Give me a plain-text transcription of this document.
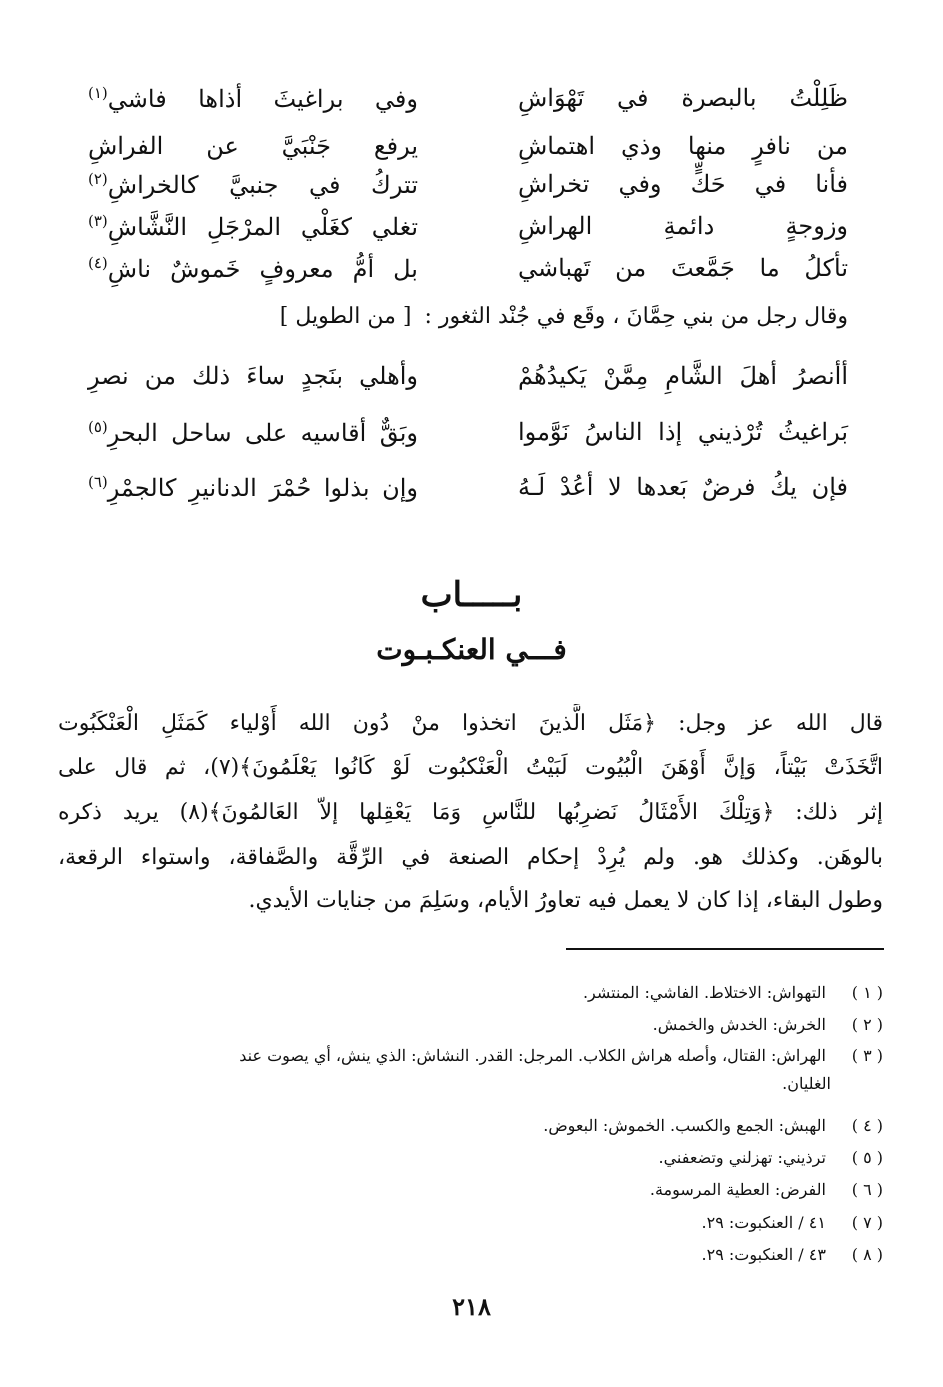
ظَلِلْتُ بالبصرة في تَهْوَاشِ
وفي براغيثَ أذاها فاشي$^{(١)}$
من نافرٍ منها وذي اهتماشِ
يرفع جَنْبَيَّ عن الفراشِ
فأنا في حَكٍّ وفي تخراشِ
تتركُ في جنبيَّ كالخراشِ$^{(٢)}$
وزوجةٍ دائمةِ الهراشِ
تغلي كغَلْي المرْجَلِ النَّشَّاشِ$^{(٣)}$
تأكلُ ما جَمَّعتَ من تَهباشي
بل أمُّ معروفٍ خَموشٌ ناشِ$^{(٤)}$
وقال رجل من بني حِمَّانَ ، وقَع في جُنْد الثغور : [ من الطويل ]
أأنصرُ أهلَ الشَّامِ مِمَّنْ يَكيدُهُمْ
وأهلي بنَجدٍ ساءَ ذلك من نصرِ
بَراغيثُ تُرْذيني إذا الناسُ نَوَّموا
وبَقٌّ أقاسيه على ساحل البحرِ$^{(٥)}$
فإن يكُ فرضٌ بَعدها لا أعُدْ لَـهُ
وإن بذلوا حُمْرَ الدنانيرِ كالجمْرِ$^{(٦)}$
بـــــاب
فـــي العنكـبـوت
قال الله عز وجل: ﴿مَثَل الَّذينَ اتخذوا منْ دُون الله أَوْلياء كَمَثَلِ الْعَنْكَبُوت
اتَّخَذَتْ بَيْتاً، وَإنَّ أَوْهَنَ الْبُيُوت لَبَيْتُ الْعَنْكبُوت لَوْ كَانُوا يَعْلَمُونَ﴾(٧)، ثم قال على
إثر ذلك: ﴿وَتِلْكَ الأَمْثَالُ نَضرِبُها للنَّاسِ وَمَا يَعْقِلها إلاّ العَالمُونَ﴾(٨) يريد ذكره
بالوهَن. وكذلك هو. ولم يُرِدْ إحكام الصنعة في الرِّقَّة والصَّفاقة، واستواء الرقعة،
وطول البقاء، إذا كان لا يعمل فيه تعاورُ الأيام، وسَلِمَ من جنايات الأيدي.
( ١ ) التهواش: الاختلاط. الفاشي: المنتشر.
( ٢ ) الخرش: الخدش والخمش.
( ٣ ) الهراش: القتال، وأصله هراش الكلاب. المرجل: القدر. النشاش: الذي ينش، أي يصوت عند
الغليان.
( ٤ ) الهبش: الجمع والكسب. الخموش: البعوض.
( ٥ ) ترذيني: تهزلني وتضعفني.
( ٦ ) الفرض: العطية المرسومة.
( ٧ ) ٤١ / العنكبوت: ٢٩.
( ٨ ) ٤٣ / العنكبوت: ٢٩.
٢١٨
